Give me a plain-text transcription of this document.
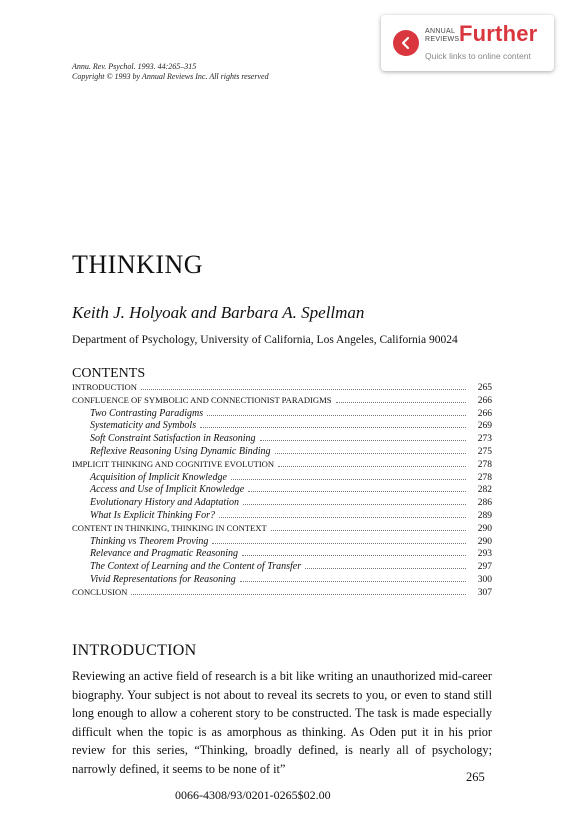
ANNUAL
REVIEWS Further
Quick links to online content
Annu. Rev. Psychol. 1993. 44:265–315
Copyright © 1993 by Annual Reviews Inc. All rights reserved
THINKING
Keith J. Holyoak and Barbara A. Spellman
Department of Psychology, University of California, Los Angeles, California 90024
CONTENTS
INTRODUCTION	265
CONFLUENCE OF SYMBOLIC AND CONNECTIONIST PARADIGMS	266
Two Contrasting Paradigms	266
Systematicity and Symbols	269
Soft Constraint Satisfaction in Reasoning	273
Reflexive Reasoning Using Dynamic Binding	275
IMPLICIT THINKING AND COGNITIVE EVOLUTION	278
Acquisition of Implicit Knowledge	278
Access and Use of Implicit Knowledge	282
Evolutionary History and Adaptation	286
What Is Explicit Thinking For?	289
CONTENT IN THINKING, THINKING IN CONTEXT	290
Thinking vs Theorem Proving	290
Relevance and Pragmatic Reasoning	293
The Context of Learning and the Content of Transfer	297
Vivid Representations for Reasoning	300
CONCLUSION	307
INTRODUCTION

Reviewing an active field of research is a bit like writing an unauthorized mid-career biography. Your subject is not about to reveal its secrets to you, or even to stand still long enough to allow a coherent story to be constructed. The task is made especially difficult when the topic is as amorphous as thinking. As Oden put it in his prior review for this series, “Thinking, broadly defined, is nearly all of psychology; narrowly defined, it seems to be none of it”

265
0066-4308/93/0201-0265$02.00
